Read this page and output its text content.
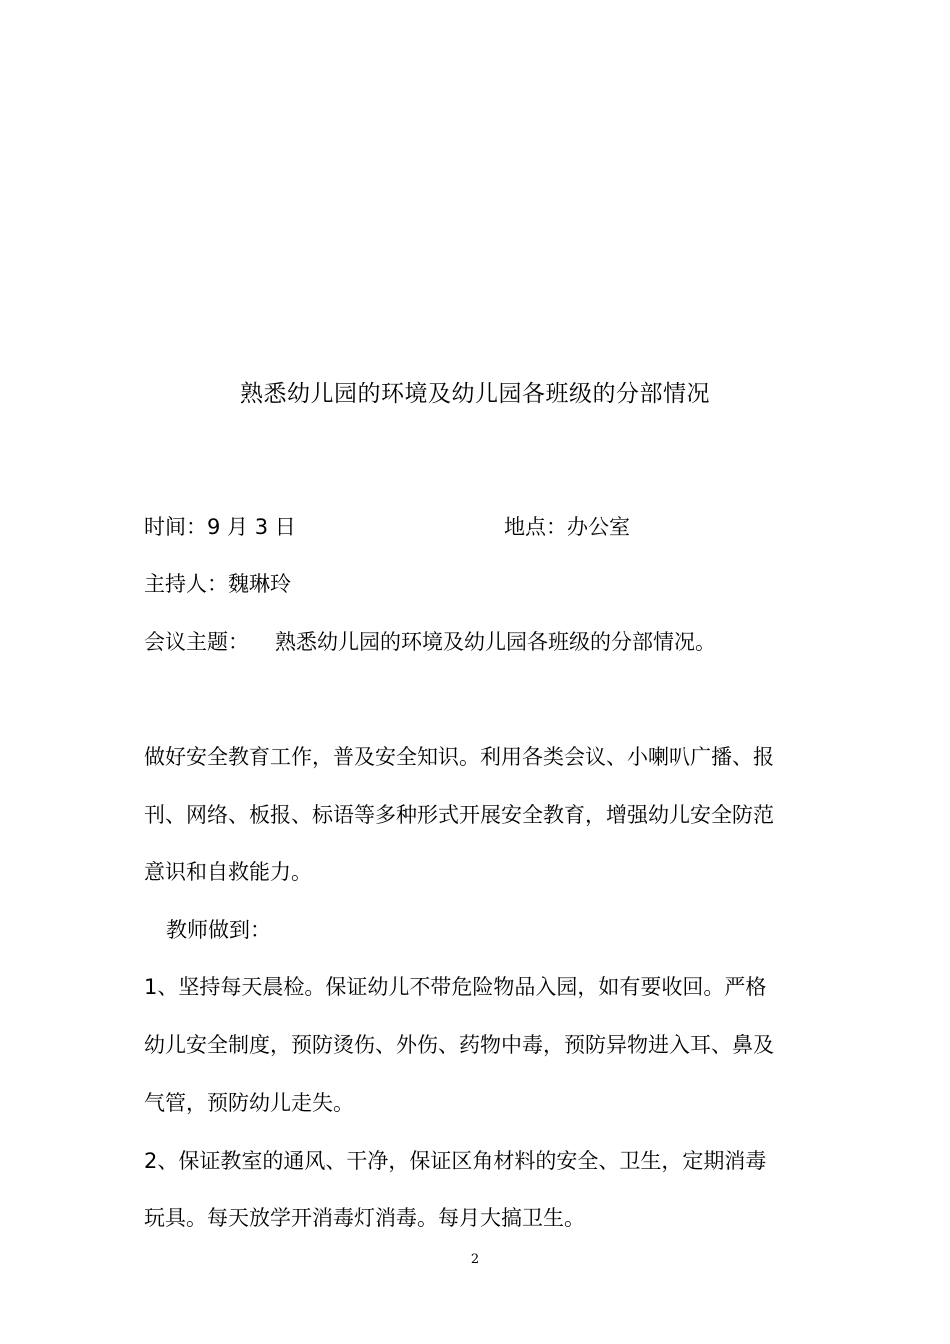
熟悉幼儿园的环境及幼儿园各班级的分部情况
时间：9 月 3 日	地点：办公室
主持人：魏琳玲
会议主题： 熟悉幼儿园的环境及幼儿园各班级的分部情况。
做好安全教育工作，普及安全知识。利用各类会议、小喇叭广播、报
刊、网络、板报、标语等多种形式开展安全教育，增强幼儿安全防范
意识和自救能力。
教师做到：
1、坚持每天晨检。保证幼儿不带危险物品入园，如有要收回。严格
幼儿安全制度，预防烫伤、外伤、药物中毒，预防异物进入耳、鼻及
气管，预防幼儿走失。
2、保证教室的通风、干净，保证区角材料的安全、卫生，定期消毒
玩具。每天放学开消毒灯消毒。每月大搞卫生。
2
